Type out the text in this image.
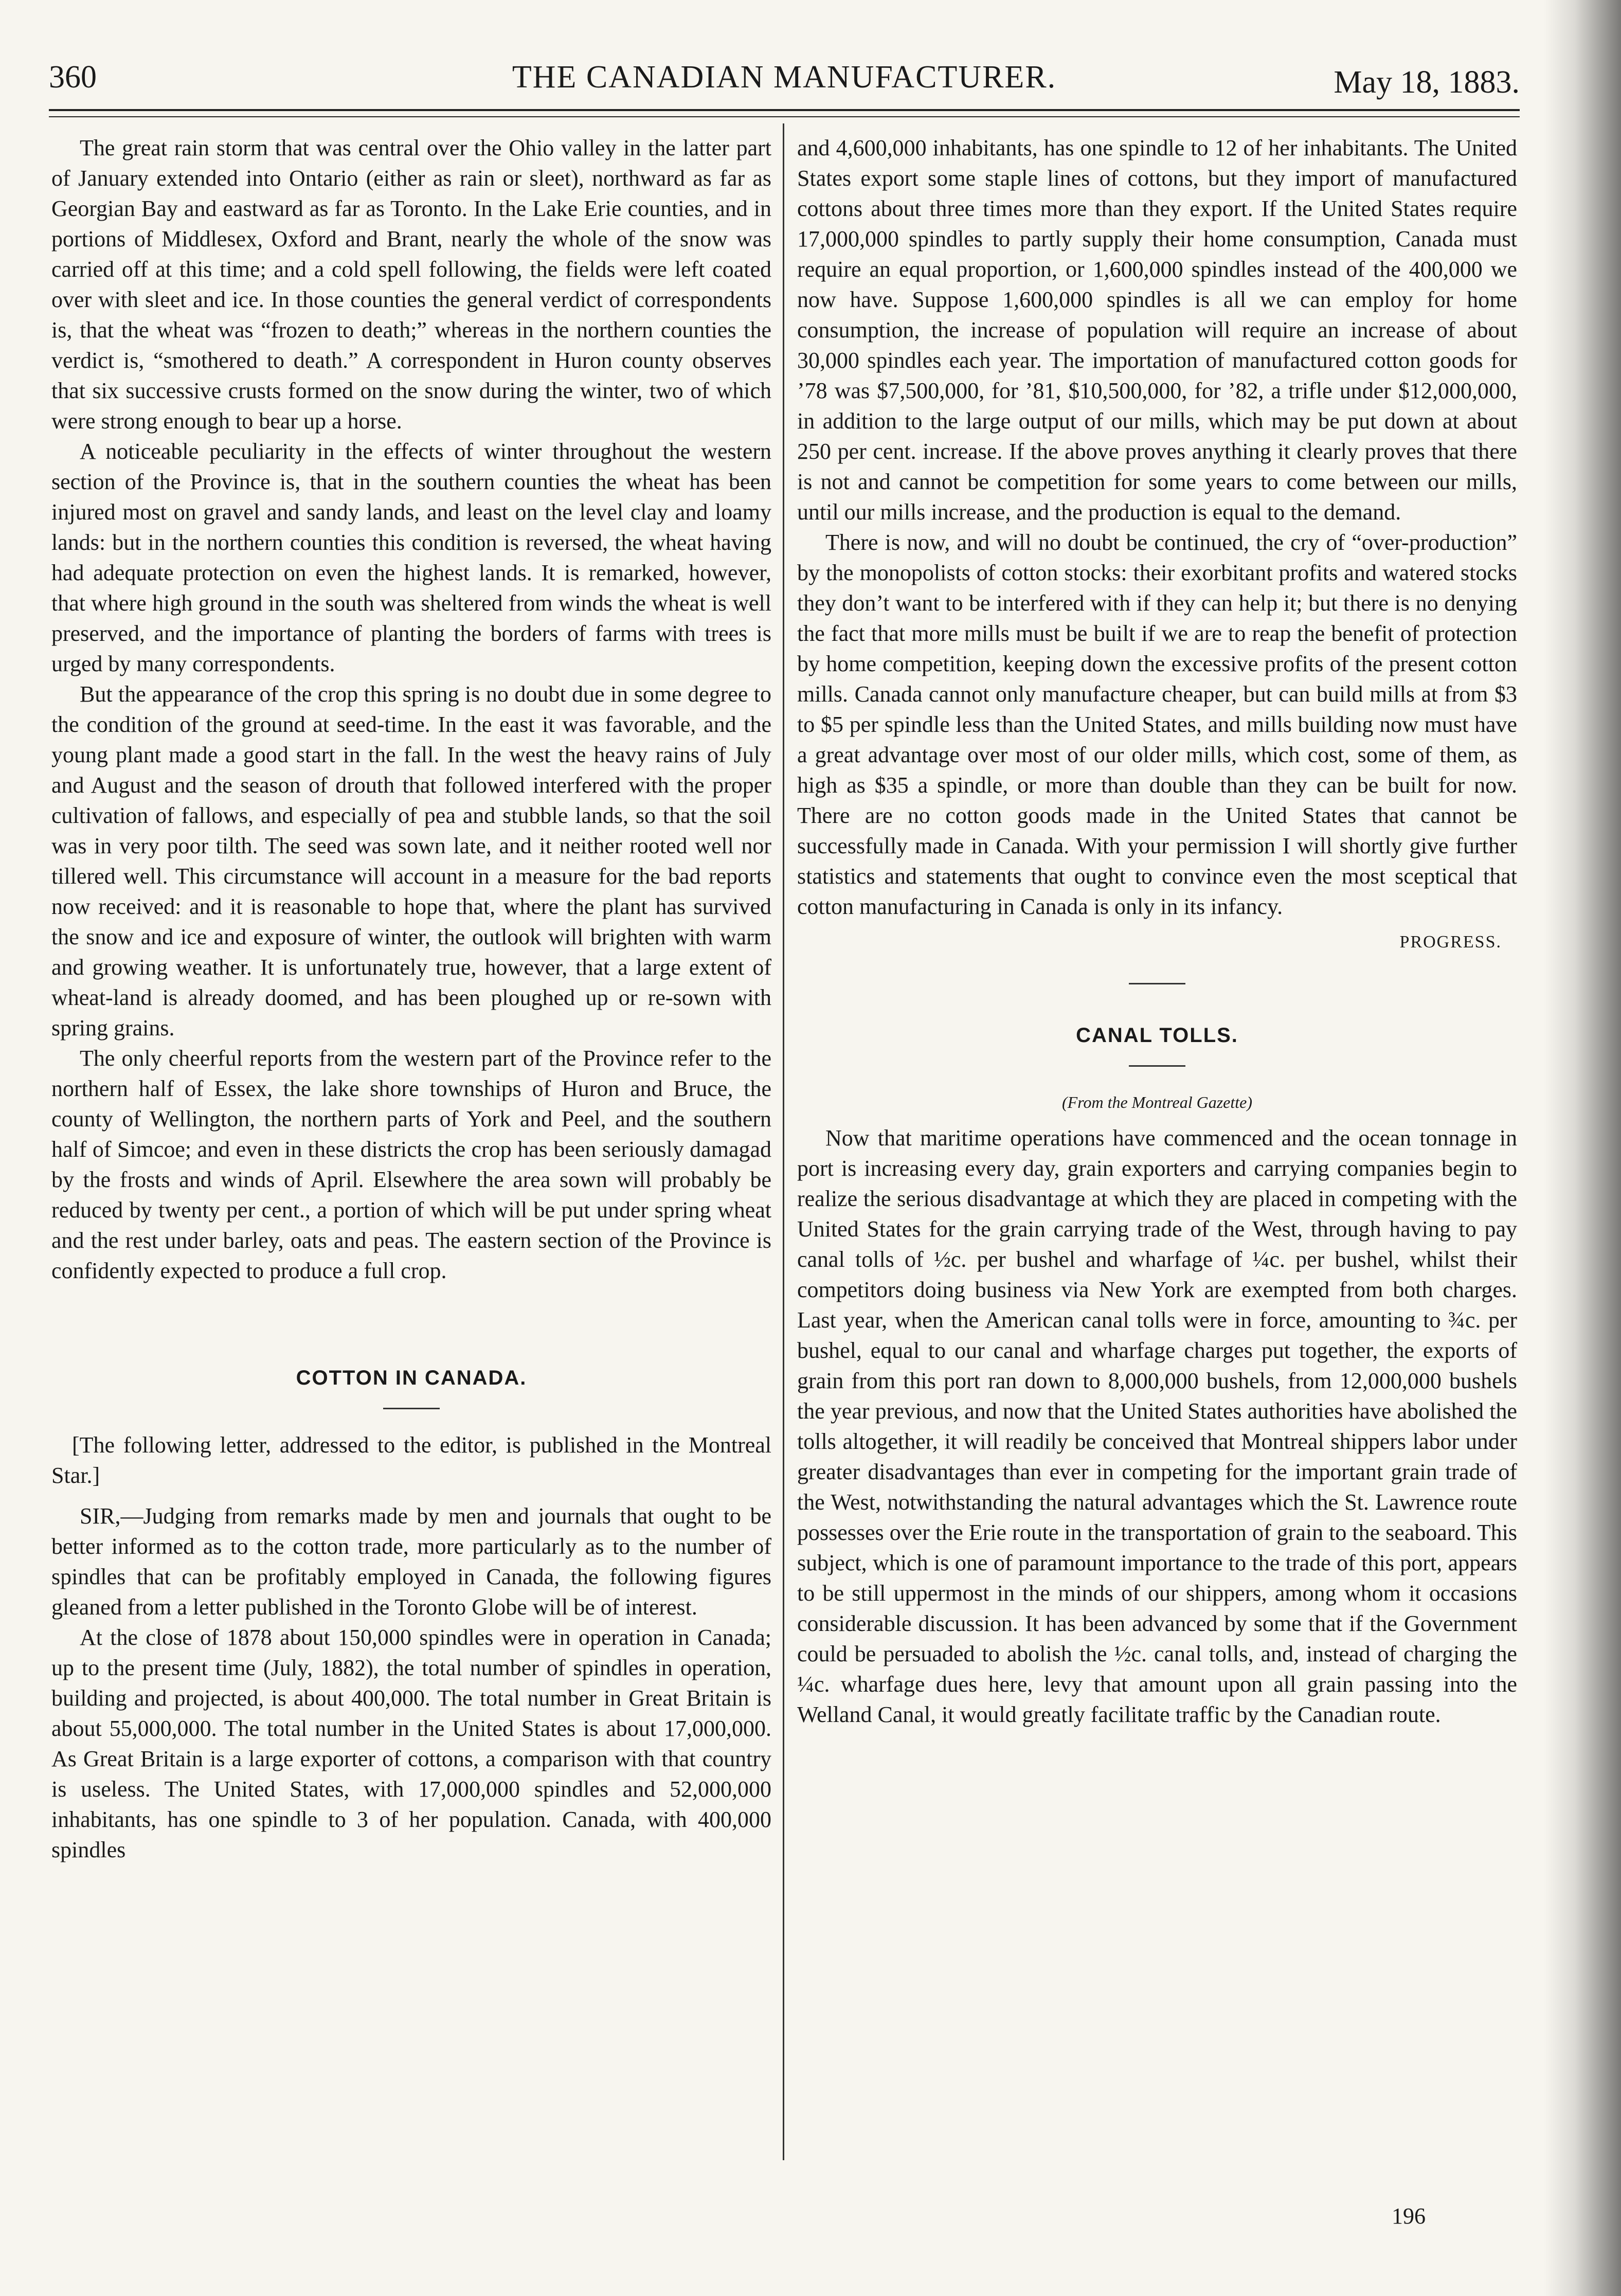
360	THE CANADIAN MANUFACTURER.	May 18, 1883.

The great rain storm that was central over the Ohio valley in the latter part of January extended into Ontario (either as rain or sleet), northward as far as Georgian Bay and eastward as far as Toronto. In the Lake Erie counties, and in portions of Middlesex, Oxford and Brant, nearly the whole of the snow was carried off at this time; and a cold spell following, the fields were left coated over with sleet and ice. In those counties the general verdict of correspondents is, that the wheat was “frozen to death;” whereas in the northern counties the verdict is, “smothered to death.” A correspondent in Huron county observes that six successive crusts formed on the snow during the winter, two of which were strong enough to bear up a horse.

A noticeable peculiarity in the effects of winter throughout the western section of the Province is, that in the southern counties the wheat has been injured most on gravel and sandy lands, and least on the level clay and loamy lands: but in the northern counties this condition is reversed, the wheat having had adequate protection on even the highest lands. It is remarked, however, that where high ground in the south was sheltered from winds the wheat is well preserved, and the importance of planting the borders of farms with trees is urged by many correspondents.

But the appearance of the crop this spring is no doubt due in some degree to the condition of the ground at seed-time. In the east it was favorable, and the young plant made a good start in the fall. In the west the heavy rains of July and August and the season of drouth that followed interfered with the proper cultivation of fallows, and especially of pea and stubble lands, so that the soil was in very poor tilth. The seed was sown late, and it neither rooted well nor tillered well. This circumstance will account in a measure for the bad reports now received: and it is reasonable to hope that, where the plant has survived the snow and ice and exposure of winter, the outlook will brighten with warm and growing weather. It is unfortunately true, however, that a large extent of wheat-land is already doomed, and has been ploughed up or re-sown with spring grains.

The only cheerful reports from the western part of the Province refer to the northern half of Essex, the lake shore townships of Huron and Bruce, the county of Wellington, the northern parts of York and Peel, and the southern half of Simcoe; and even in these districts the crop has been seriously damagad by the frosts and winds of April. Elsewhere the area sown will probably be reduced by twenty per cent., a portion of which will be put under spring wheat and the rest under barley, oats and peas. The eastern section of the Province is confidently expected to produce a full crop.

COTTON IN CANADA.

[The following letter, addressed to the editor, is published in the Montreal Star.]

SIR,—Judging from remarks made by men and journals that ought to be better informed as to the cotton trade, more particularly as to the number of spindles that can be profitably employed in Canada, the following figures gleaned from a letter published in the Toronto Globe will be of interest.

At the close of 1878 about 150,000 spindles were in operation in Canada; up to the present time (July, 1882), the total number of spindles in operation, building and projected, is about 400,000. The total number in Great Britain is about 55,000,000. The total number in the United States is about 17,000,000. As Great Britain is a large exporter of cottons, a comparison with that country is useless. The United States, with 17,000,000 spindles and 52,000,000 inhabitants, has one spindle to 3 of her population. Canada, with 400,000 spindles

and 4,600,000 inhabitants, has one spindle to 12 of her inhabitants. The United States export some staple lines of cottons, but they import of manufactured cottons about three times more than they export. If the United States require 17,000,000 spindles to partly supply their home consumption, Canada must require an equal proportion, or 1,600,000 spindles instead of the 400,000 we now have. Suppose 1,600,000 spindles is all we can employ for home consumption, the increase of population will require an increase of about 30,000 spindles each year. The importation of manufactured cotton goods for ’78 was $7,500,000, for ’81, $10,500,000, for ’82, a trifle under $12,000,000, in addition to the large output of our mills, which may be put down at about 250 per cent. increase. If the above proves anything it clearly proves that there is not and cannot be competition for some years to come between our mills, until our mills increase, and the production is equal to the demand.

There is now, and will no doubt be continued, the cry of “over-production” by the monopolists of cotton stocks: their exorbitant profits and watered stocks they don’t want to be interfered with if they can help it; but there is no denying the fact that more mills must be built if we are to reap the benefit of protection by home competition, keeping down the excessive profits of the present cotton mills. Canada cannot only manufacture cheaper, but can build mills at from $3 to $5 per spindle less than the United States, and mills building now must have a great advantage over most of our older mills, which cost, some of them, as high as $35 a spindle, or more than double than they can be built for now. There are no cotton goods made in the United States that cannot be successfully made in Canada. With your permission I will shortly give further statistics and statements that ought to convince even the most sceptical that cotton manufacturing in Canada is only in its infancy.

PROGRESS.
CANAL TOLLS.
(From the Montreal Gazette)

Now that maritime operations have commenced and the ocean tonnage in port is increasing every day, grain exporters and carrying companies begin to realize the serious disadvantage at which they are placed in competing with the United States for the grain carrying trade of the West, through having to pay canal tolls of ½c. per bushel and wharfage of ¼c. per bushel, whilst their competitors doing business via New York are exempted from both charges. Last year, when the American canal tolls were in force, amounting to ¾c. per bushel, equal to our canal and wharfage charges put together, the exports of grain from this port ran down to 8,000,000 bushels, from 12,000,000 bushels the year previous, and now that the United States authorities have abolished the tolls altogether, it will readily be conceived that Montreal shippers labor under greater disadvantages than ever in competing for the important grain trade of the West, notwithstanding the natural advantages which the St. Lawrence route possesses over the Erie route in the transportation of grain to the seaboard. This subject, which is one of paramount importance to the trade of this port, appears to be still uppermost in the minds of our shippers, among whom it occasions considerable discussion. It has been advanced by some that if the Government could be persuaded to abolish the ½c. canal tolls, and, instead of charging the ¼c. wharfage dues here, levy that amount upon all grain passing into the Welland Canal, it would greatly facilitate traffic by the Canadian route.

196
